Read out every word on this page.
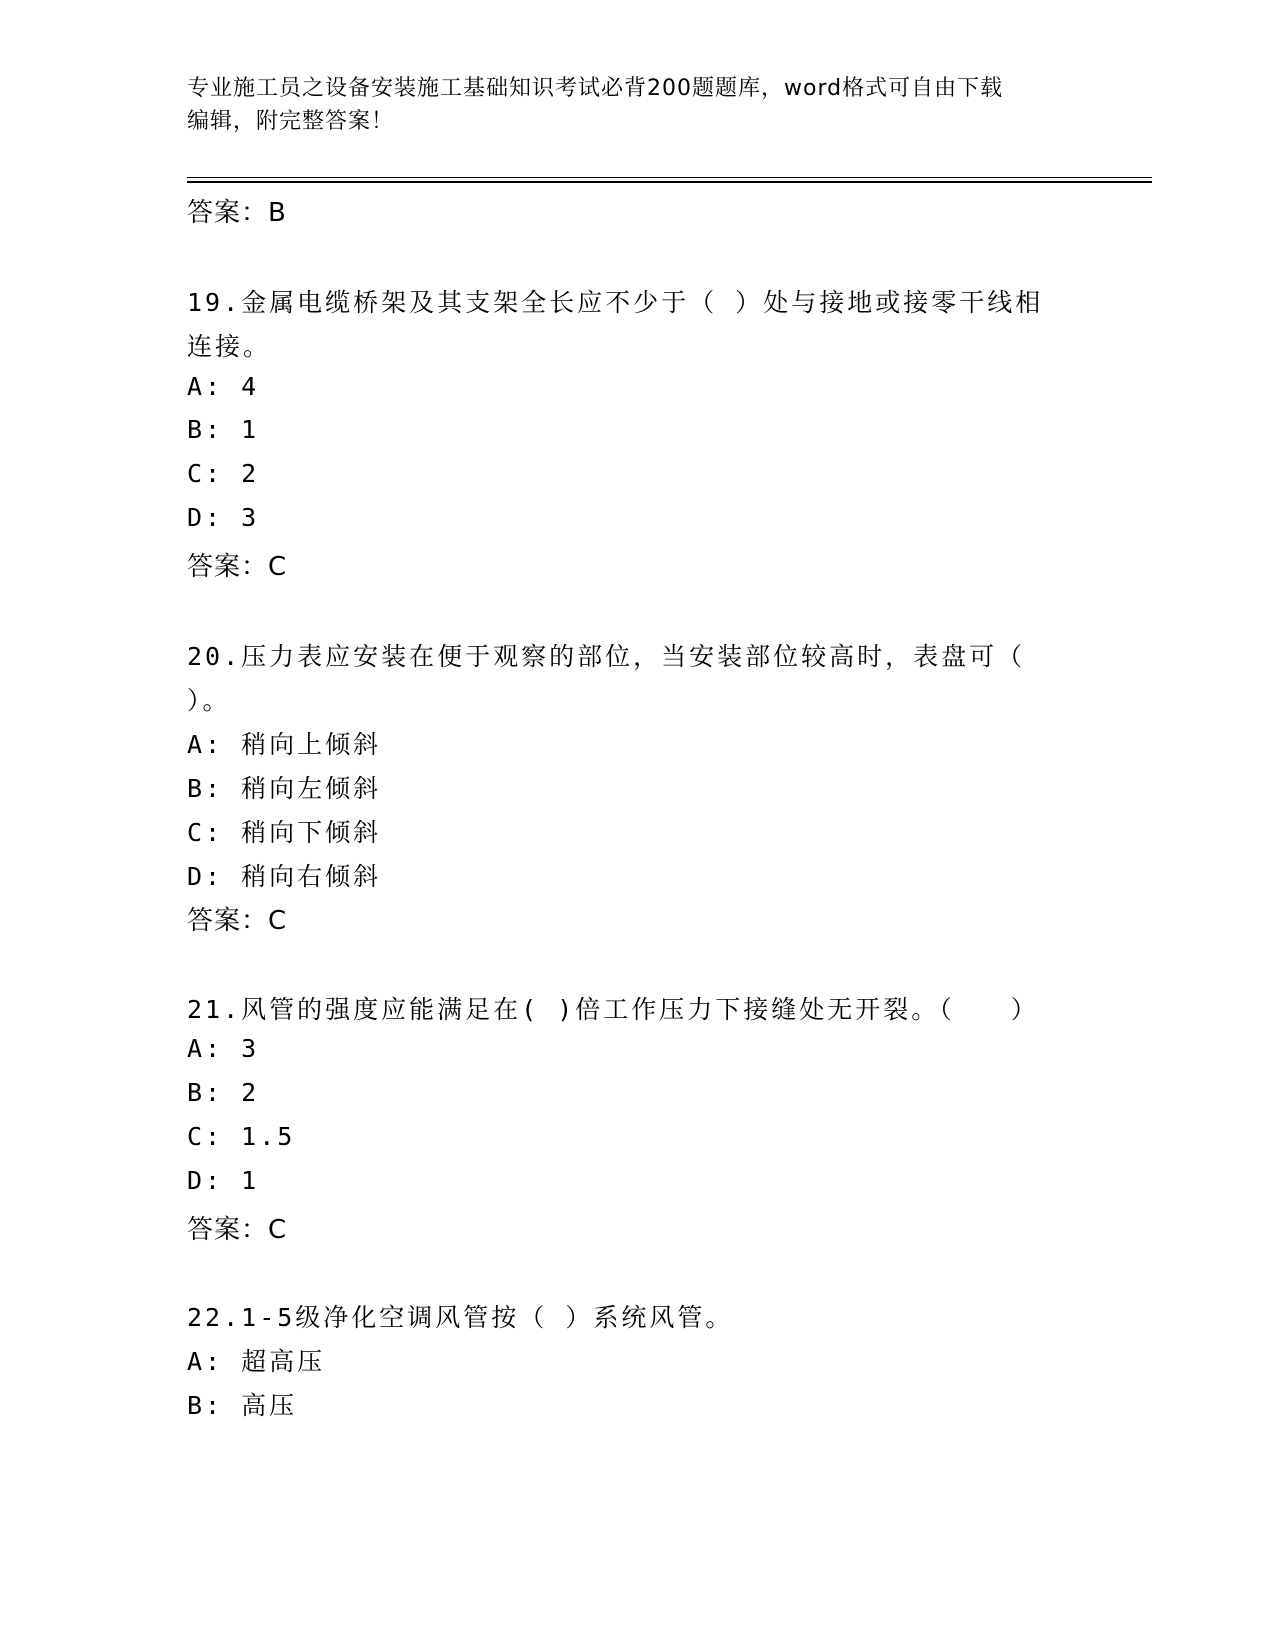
专业施工员之设备安装施工基础知识考试必背200题题库，word格式可自由下载
编辑，附完整答案！
答案：B
19.金属电缆桥架及其支架全长应不少于（ ）处与接地或接零干线相
连接。
A: 4
B: 1
C: 2
D: 3
答案：C
20.压力表应安装在便于观察的部位，当安装部位较高时，表盘可（
）。
A: 稍向上倾斜
B: 稍向左倾斜
C: 稍向下倾斜
D: 稍向右倾斜
答案：C
21.风管的强度应能满足在( )倍工作压力下接缝处无开裂。（　　）
A: 3
B: 2
C: 1.5
D: 1
答案：C
22.1-5级净化空调风管按（ ）系统风管。
A: 超高压
B: 高压
